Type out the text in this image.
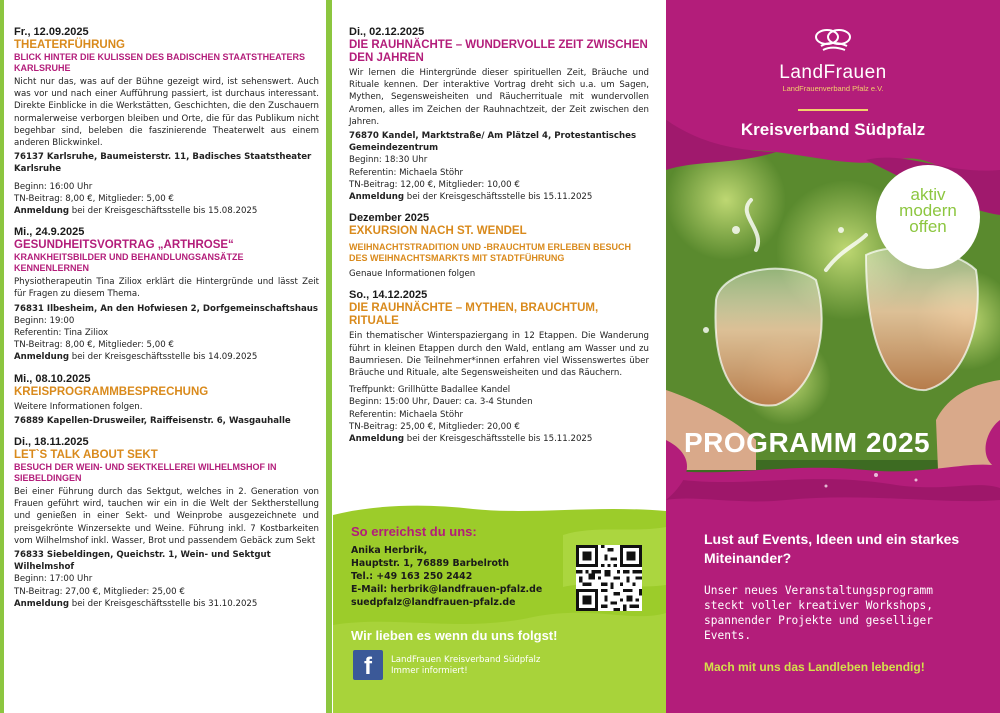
Fr., 12.09.2025
THEATERFÜHRUNG
BLICK HINTER DIE KULISSEN DES BADISCHEN STAATSTHEATERS KARLSRUHE
Nicht nur das, was auf der Bühne gezeigt wird, ist sehenswert. Auch was vor und nach einer Aufführung passiert, ist durchaus interessant. Direkte Einblicke in die Werkstätten, Geschichten, die den Zuschauern normalerweise verborgen bleiben und Orte, die für das Publikum nicht begehbar sind, beleben die faszinierende Theaterwelt aus einem anderen Blickwinkel.
76137 Karlsruhe, Baumeisterstr. 11, Badisches Staatstheater Karlsruhe
Beginn: 16:00 Uhr
TN-Beitrag: 8,00 €, Mitglieder: 5,00 €
Anmeldung bei der Kreisgeschäftsstelle bis 15.08.2025
Mi., 24.9.2025
GESUNDHEITSVORTRAG „ARTHROSE“
KRANKHEITSBILDER UND BEHANDLUNGSANSÄTZE KENNENLERNEN
Physiotherapeutin Tina Ziliox erklärt die Hintergründe und lässt Zeit für Fragen zu diesem Thema.
76831 Ilbesheim, An den Hofwiesen 2, Dorfgemeinschaftshaus
Beginn: 19:00
Referentin: Tina Ziliox
TN-Beitrag: 8,00 €, Mitglieder: 5,00 €
Anmeldung bei der Kreisgeschäftsstelle bis 14.09.2025
Mi., 08.10.2025
KREISPROGRAMMBESPRECHUNG
Weitere Informationen folgen.
76889 Kapellen-Drusweiler, Raiffeisenstr. 6, Wasgauhalle
Di., 18.11.2025
LET`S TALK ABOUT SEKT
BESUCH DER WEIN- UND SEKTKELLEREI WILHELMSHOF IN SIEBELDINGEN
Bei einer Führung durch das Sektgut, welches in 2. Generation von Frauen geführt wird, tauchen wir ein in die Welt der Sektherstellung und genießen in einer Sekt- und Weinprobe ausgezeichnete und preisgekrönte Winzersekte und Weine. Führung inkl. 7 Kostbarkeiten vom Wilhelmshof inkl. Wasser, Brot und passendem Gebäck zum Sekt
76833 Siebeldingen, Queichstr. 1, Wein- und Sektgut Wilhelmshof
Beginn: 17:00 Uhr
TN-Beitrag: 27,00 €, Mitglieder: 25,00 €
Anmeldung bei der Kreisgeschäftsstelle bis 31.10.2025
Di., 02.12.2025
DIE RAUHNÄCHTE – WUNDERVOLLE ZEIT ZWISCHEN DEN JAHREN
Wir lernen die Hintergründe dieser spirituellen Zeit, Bräuche und Rituale kennen. Der interaktive Vortrag dreht sich u.a. um Sagen, Mythen, Segensweisheiten und Räucherrituale mit wundervollen Aromen, alles im Zeichen der Rauhnachtzeit, der Zeit zwischen den Jahren.
76870 Kandel, Marktstraße/ Am Plätzel 4, Protestantisches Gemeindezentrum
Beginn: 18:30 Uhr
Referentin: Michaela Stöhr
TN-Beitrag: 12,00 €, Mitglieder: 10,00 €
Anmeldung bei der Kreisgeschäftsstelle bis 15.11.2025
Dezember 2025
EXKURSION NACH ST. WENDEL
WEIHNACHTSTRADITION UND -BRAUCHTUM ERLEBEN BESUCH DES WEIHNACHTSMARKTS MIT STADTFÜHRUNG
Genaue Informationen folgen
So., 14.12.2025
DIE RAUHNÄCHTE – MYTHEN, BRAUCHTUM, RITUALE
Ein thematischer Winterspaziergang in 12 Etappen. Die Wanderung führt in kleinen Etappen durch den Wald, entlang am Wasser und zu Baumriesen. Die Teilnehmer*innen erfahren viel Wissenswertes über Bräuche und Rituale, alte Segensweisheiten und das Räuchern.
Treffpunkt: Grillhütte Badallee Kandel
Beginn: 15:00 Uhr, Dauer: ca. 3-4 Stunden
Referentin: Michaela Stöhr
TN-Beitrag: 25,00 €, Mitglieder: 20,00 €
Anmeldung bei der Kreisgeschäftsstelle bis 15.11.2025
So erreichst du uns:
Anika Herbrik,
Hauptstr. 1, 76889 Barbelroth
Tel.: +49 163 250 2442
E-Mail: herbrik@landfrauen-pfalz.de
suedpfalz@landfrauen-pfalz.de
Wir lieben es wenn du uns folgst!
f	LandFrauen Kreisverband Südpfalz
Immer informiert!
LandFrauen
LandFrauenverband Pfalz e.V.
Kreisverband Südpfalz
aktiv
modern
offen
PROGRAMM 2025
Lust auf Events, Ideen und ein starkes Miteinander?
Unser neues Veranstaltungsprogramm steckt voller kreativer Workshops, spannender Projekte und geselliger Events.
Mach mit uns das Landleben lebendig!
